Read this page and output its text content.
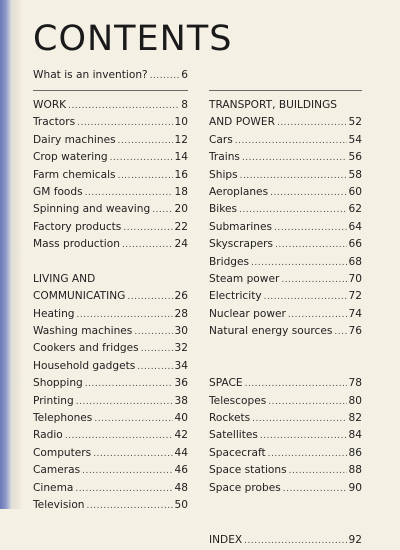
CONTENTS
What is an invention? .....	6
WORK .....	8
Tractors .....	10
Dairy machines .....	12
Crop watering .....	14
Farm chemicals .....	16
GM foods .....	18
Spinning and weaving ..... 20
Factory products .....	22
Mass production .....	24
LIVING AND
COMMUNICATING .....	26
Heating .....	28
Washing machines .....	30
Cookers and fridges .....	32
Household gadgets .....	34
Shopping .....	36
Printing .....	38
Telephones .....	40
Radio .....	42
Computers .....	44
Cameras .....	46
Cinema .....	48
Television .....	50
TRANSPORT, BUILDINGS
AND POWER .....	52
Cars .....	54
Trains .....	56
Ships .....	58
Aeroplanes .....	60
Bikes .....	62
Submarines .....	64
Skyscrapers .....	66
Bridges .....	68
Steam power .....	70
Electricity .....	72
Nuclear power .....	74
Natural energy sources ..... 76
SPACE .....	78
Telescopes .....	80
Rockets .....	82
Satellites .....	84
Spacecraft .....	86
Space stations .....	88
Space probes .....	90
INDEX .....	92
